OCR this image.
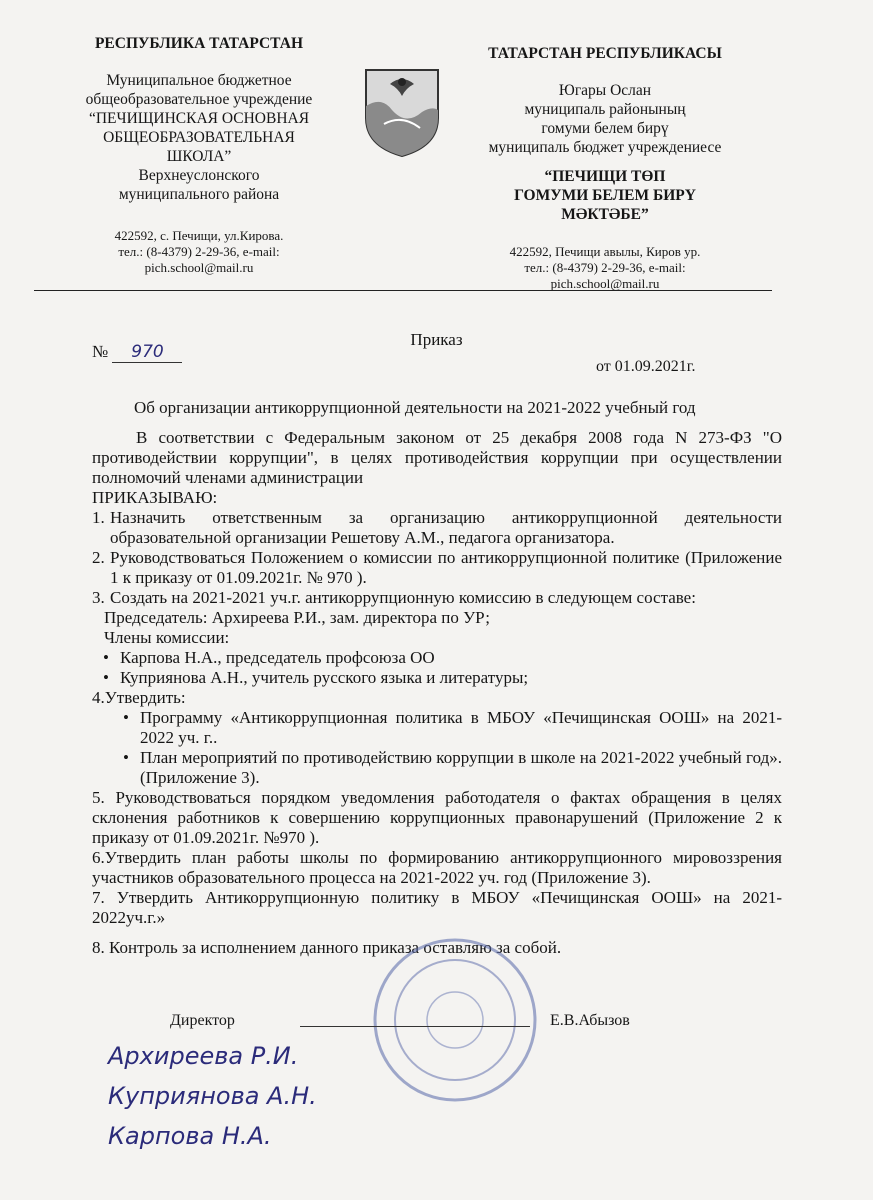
РЕСПУБЛИКА ТАТАРСТАН
Муниципальное бюджетное
общеобразовательное учреждение
“ПЕЧИЩИНСКАЯ ОСНОВНАЯ
ОБЩЕОБРАЗОВАТЕЛЬНАЯ
ШКОЛА”
Верхнеуслонского
муниципального района
422592, с. Печищи, ул.Кирова.
тел.: (8-4379) 2-29-36, e-mail:
pich.school@mail.ru
ТАТАРСТАН РЕСПУБЛИКАСЫ
Югары Ослан
муниципаль районының
гомуми белем бирү
муниципаль бюджет учреждениесе
“ПЕЧИЩИ ТӨП
ГОМУМИ БЕЛЕМ БИРҮ
МӘКТӘБЕ”
422592, Печищи авылы, Киров ур.
тел.: (8-4379) 2-29-36, e-mail:
pich.school@mail.ru
Приказ
№ 970
от 01.09.2021г.
Об организации антикоррупционной деятельности на 2021-2022 учебный год

В соответствии с Федеральным законом от 25 декабря 2008 года N 273-ФЗ "О противодействии коррупции", в целях противодействия коррупции при осуществлении полномочий членами администрации

ПРИКАЗЫВАЮ:

1. Назначить ответственным за организацию антикоррупционной деятельности образовательной организации Решетову А.М., педагога организатора.
2. Руководствоваться Положением о комиссии по антикоррупционной политике (Приложение 1 к приказу от 01.09.2021г. № 970 ).
3. Создать на 2021-2021 уч.г. антикоррупционную комиссию в следующем составе:

Председатель: Архиреева Р.И., зам. директора по УР;

Члены комиссии:

• Карпова Н.А., председатель профсоюза ОО
• Куприянова А.Н., учитель русского языка и литературы;

4.Утвердить:

• Программу «Антикоррупционная политика в МБОУ «Печищинская ООШ» на 2021-2022 уч. г..
• План мероприятий по противодействию коррупции в школе на 2021-2022 учебный год». (Приложение 3).

5. Руководствоваться порядком уведомления работодателя о фактах обращения в целях склонения работников к совершению коррупционных правонарушений (Приложение 2 к приказу от 01.09.2021г. №970 ).

6.Утвердить план работы школы по формированию антикоррупционного мировоззрения участников образовательного процесса на 2021-2022 уч. год (Приложение 3).

7. Утвердить Антикоррупционную политику в МБОУ «Печищинская ООШ» на 2021-2022уч.г.»

8. Контроль за исполнением данного приказа оставляю за собой.

Директор	Е.В.Абызов
Архиреева Р.И.
Куприянова А.Н.
Карпова Н.А.
